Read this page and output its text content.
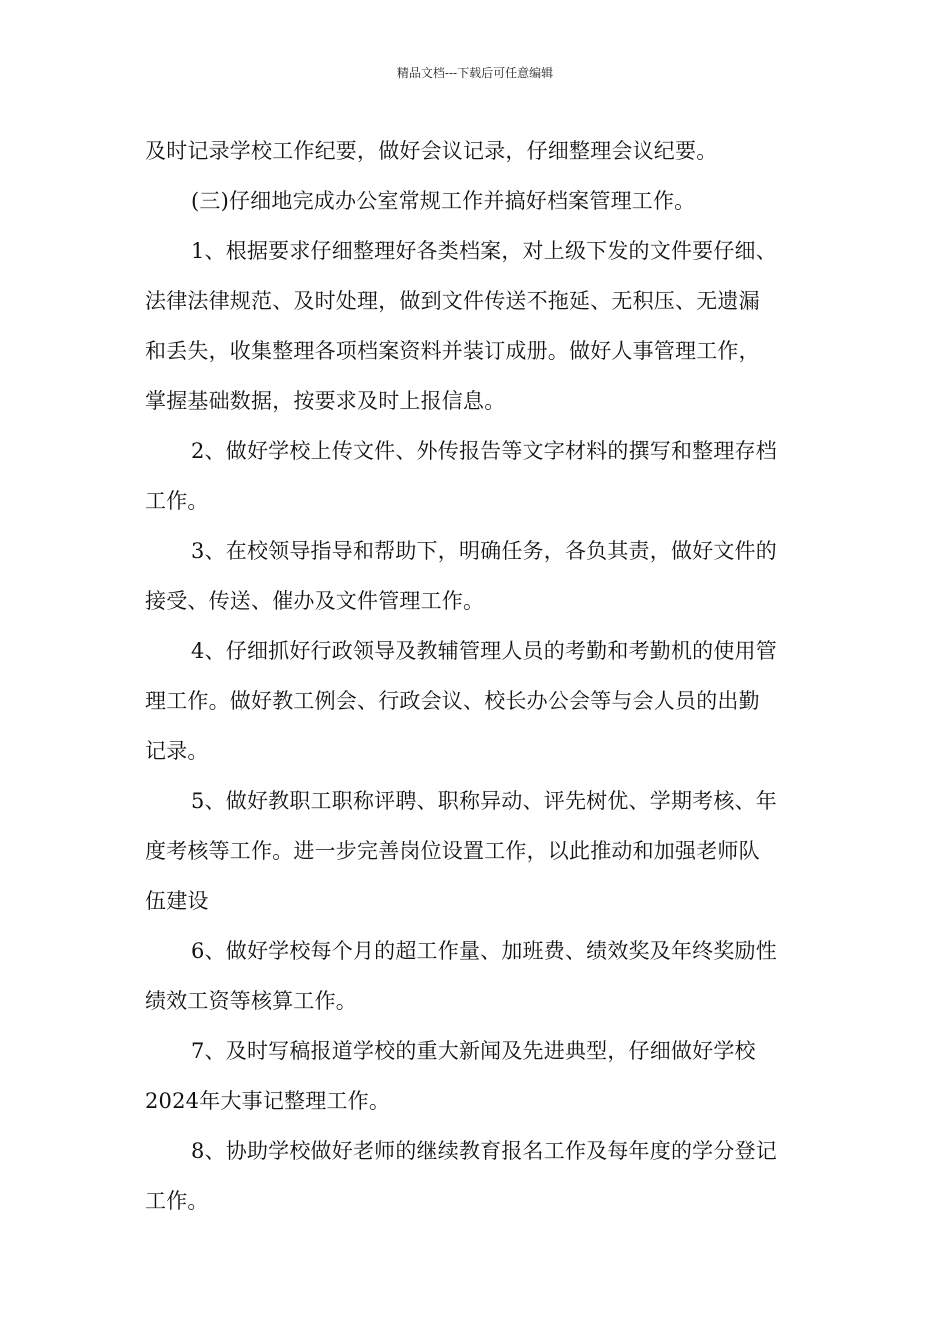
精品文档---下载后可任意编辑
及时记录学校工作纪要，做好会议记录，仔细整理会议纪要。
(三)仔细地完成办公室常规工作并搞好档案管理工作。
1、根据要求仔细整理好各类档案，对上级下发的文件要仔细、
法律法律规范、及时处理，做到文件传送不拖延、无积压、无遗漏
和丢失，收集整理各项档案资料并装订成册。做好人事管理工作，
掌握基础数据，按要求及时上报信息。
2、做好学校上传文件、外传报告等文字材料的撰写和整理存档
工作。
3、在校领导指导和帮助下，明确任务，各负其责，做好文件的
接受、传送、催办及文件管理工作。
4、仔细抓好行政领导及教辅管理人员的考勤和考勤机的使用管
理工作。做好教工例会、行政会议、校长办公会等与会人员的出勤
记录。
5、做好教职工职称评聘、职称异动、评先树优、学期考核、年
度考核等工作。进一步完善岗位设置工作，以此推动和加强老师队
伍建设
6、做好学校每个月的超工作量、加班费、绩效奖及年终奖励性
绩效工资等核算工作。
7、及时写稿报道学校的重大新闻及先进典型，仔细做好学校
2024年大事记整理工作。
8、协助学校做好老师的继续教育报名工作及每年度的学分登记
工作。
